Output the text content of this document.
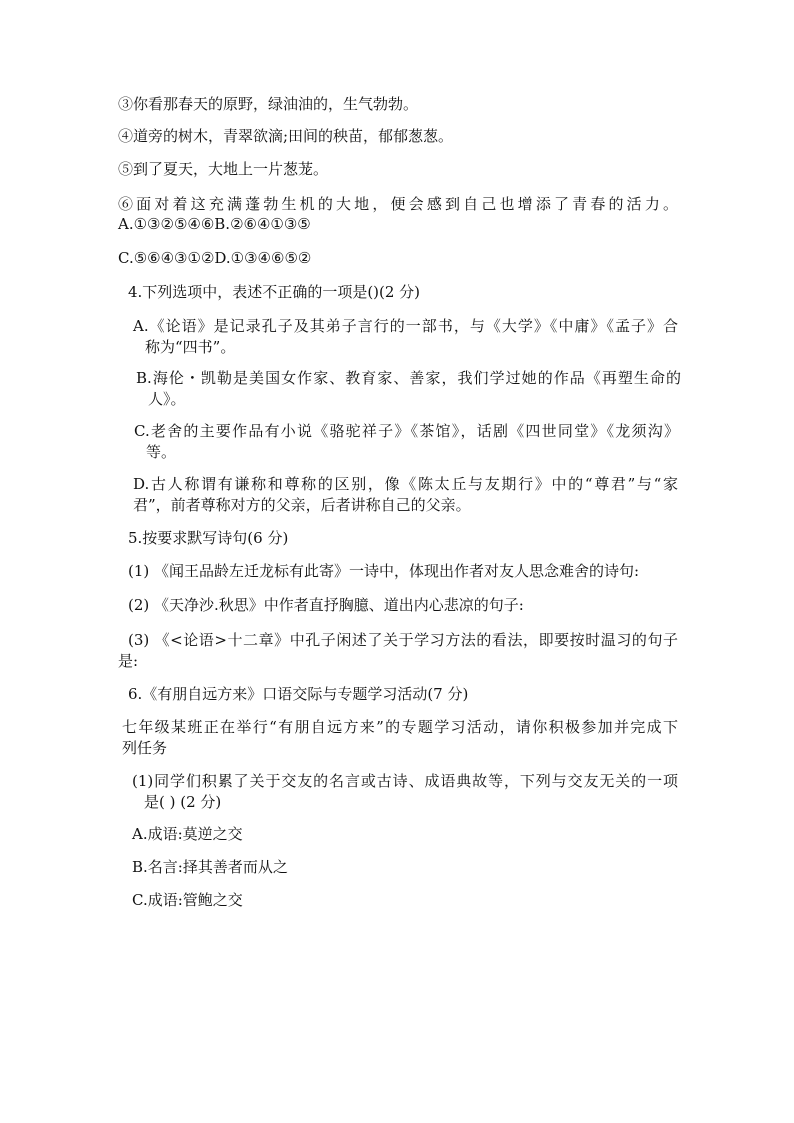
③你看那春天的原野，绿油油的，生气勃勃。

④道旁的树木，青翠欲滴;田间的秧苗，郁郁葱葱。

⑤到了夏天，大地上一片葱茏。

⑥面对着这充满蓬勃生机的大地，便会感到自己也增添了青春的活力。

A.①③②⑤④⑥B.②⑥④①③⑤

C.⑤⑥④③①②D.①③④⑥⑤②

4.下列选项中，表述不正确的一项是()(2 分)

A.《论语》是记录孔子及其弟子言行的一部书，与《大学》《中庸》《孟子》合
称为“四书”。
B.海伦・凯勒是美国女作家、教育家、善家，我们学过她的作品《再塑生命的
人》。
C.老舍的主要作品有小说《骆驼祥子》《茶馆》，话剧《四世同堂》《龙须沟》
等。
D.古人称谓有谦称和尊称的区别，像《陈太丘与友期行》中的“尊君”与“家
君”，前者尊称对方的父亲，后者讲称自己的父亲。

5.按要求默写诗句(6 分)

(1) 《闻王品龄左迁龙标有此寄》一诗中，体现出作者对友人思念难舍的诗句:

(2) 《天净沙.秋思》中作者直抒胸臆、道出内心悲凉的句子:

(3) 《<论语>十二章》中孔子闲述了关于学习方法的看法，即要按时温习的句子
是:

6.《有朋自远方来》口语交际与专题学习活动(7 分)

七年级某班正在举行“有朋自远方来”的专题学习活动，请你积极参加并完成下
列任务
(1)同学们积累了关于交友的名言或古诗、成语典故等，下列与交友无关的一项
是( ) (2 分)

A.成语:莫逆之交

B.名言:择其善者而从之

C.成语:管鲍之交
